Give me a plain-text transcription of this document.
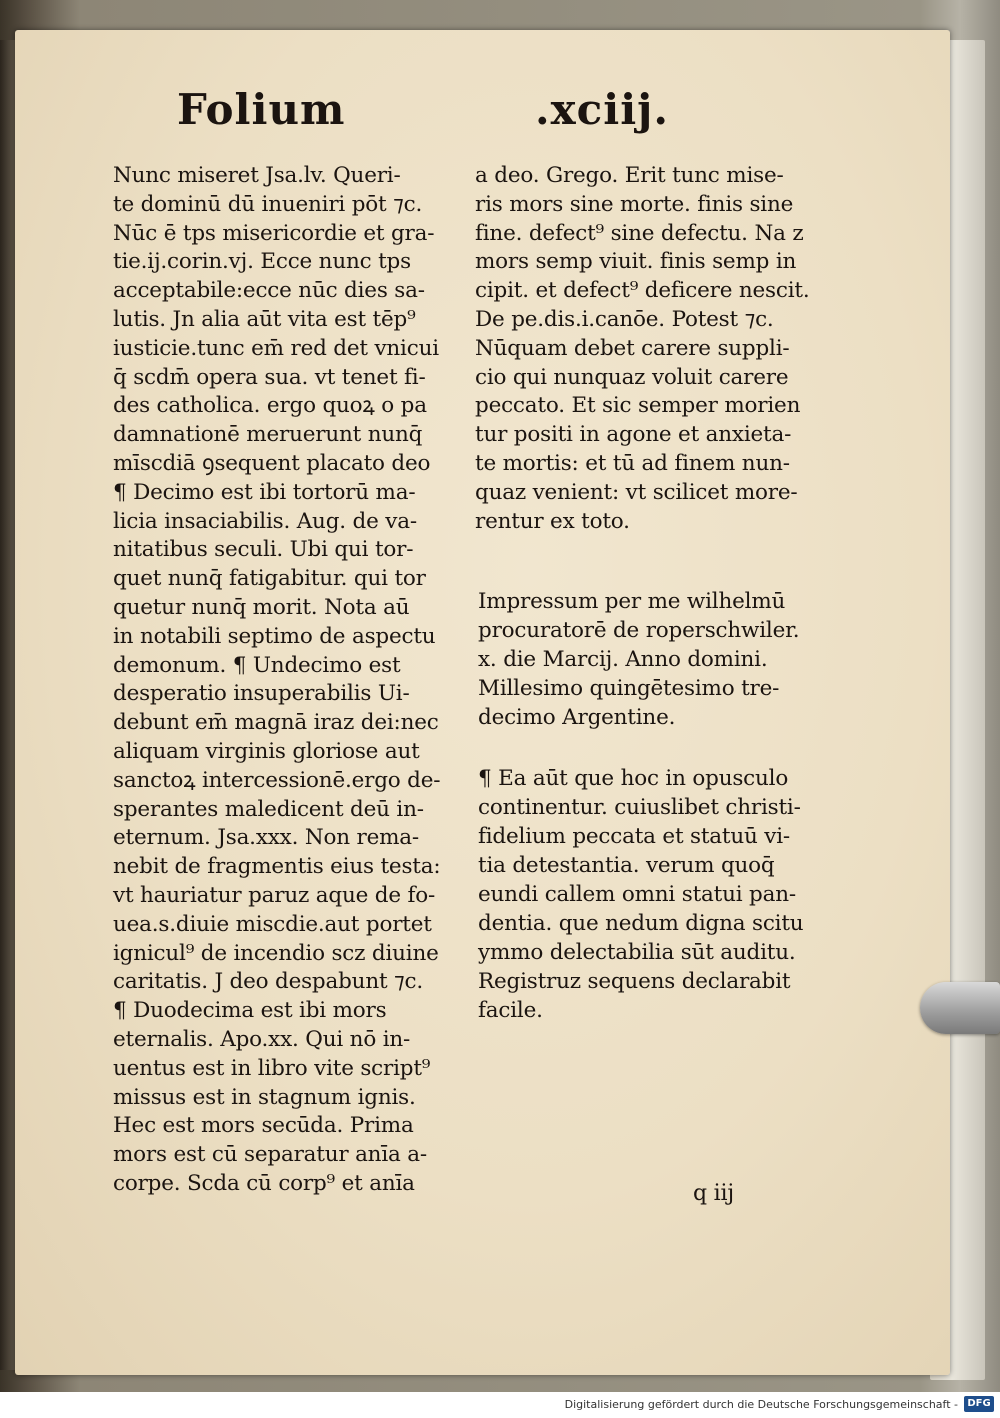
Folium	.xciij.
Nunc miseret Jsa.lv. Queri‑
te dominū dū inueniri pōt ⁊c.
Nūc ē tps misericordie et gra‑
tie.ij.corin.vj. Ecce nunc tps
acceptabile:ecce nūc dies sa‑
lutis. Jn alia aūt vita est tēp⁹
iusticie.tunc em̄ red det vnicui
q̄ scdm̄ opera sua. vt tenet fi‑
des catholica. ergo quoꝝ o pa
damnationē meruerunt nunq̄
mīscdiā ꝯsequent placato deo
¶ Decimo est ibi tortorū ma‑
licia insaciabilis. Aug. de va‑
nitatibus seculi. Ubi qui tor‑
quet nunq̄ fatigabitur. qui tor
quetur nunq̄ morit. Nota aū
in notabili septimo de aspectu
demonum. ¶ Undecimo est
desperatio insuperabilis Ui‑
debunt em̄ magnā iraz dei:nec
aliquam virginis gloriose aut
sanctoꝝ intercessionē.ergo de‑
sperantes maledicent deū in‑
eternum. Jsa.xxx. Non rema‑
nebit de fragmentis eius testa:
vt hauriatur paruz aque de fo‑
uea.s.diuie miscdie.aut portet
ignicul⁹ de incendio scz diuine
caritatis. J deo despabunt ⁊c.
¶ Duodecima est ibi mors
eternalis. Apo.xx. Qui nō in‑
uentus est in libro vite script⁹
missus est in stagnum ignis.
Hec est mors secūda. Prima
mors est cū separatur anīa a‑
corpe. Scda cū corp⁹ et anīa
a deo. Grego. Erit tunc mise‑
ris mors sine morte. finis sine
fine. defect⁹ sine defectu. Na z
mors semp viuit. finis semp in
cipit. et defect⁹ deficere nescit.
De pe.dis.i.canōe. Potest ⁊c.
Nūquam debet carere suppli‑
cio qui nunquaz voluit carere
peccato. Et sic semper morien
tur positi in agone et anxieta‑
te mortis: et tū ad finem nun‑
quaz venient: vt scilicet more‑
rentur ex toto.
Impressum per me wilhelmū
procuratorē de roperschwiler.
x. die Marcij. Anno domini.
Millesimo quingētesimo tre‑
decimo Argentine.
¶ Ea aūt que hoc in opusculo
continentur. cuiuslibet christi‑
fidelium peccata et statuū vi‑
tia detestantia. verum quoq̄
eundi callem omni statui pan‑
dentia. que nedum digna scitu
ymmo delectabilia sūt auditu.
Registruz sequens declarabit
facile.
q iij
Digitalisierung gefördert durch die Deutsche Forschungsgemeinschaft - DFG
